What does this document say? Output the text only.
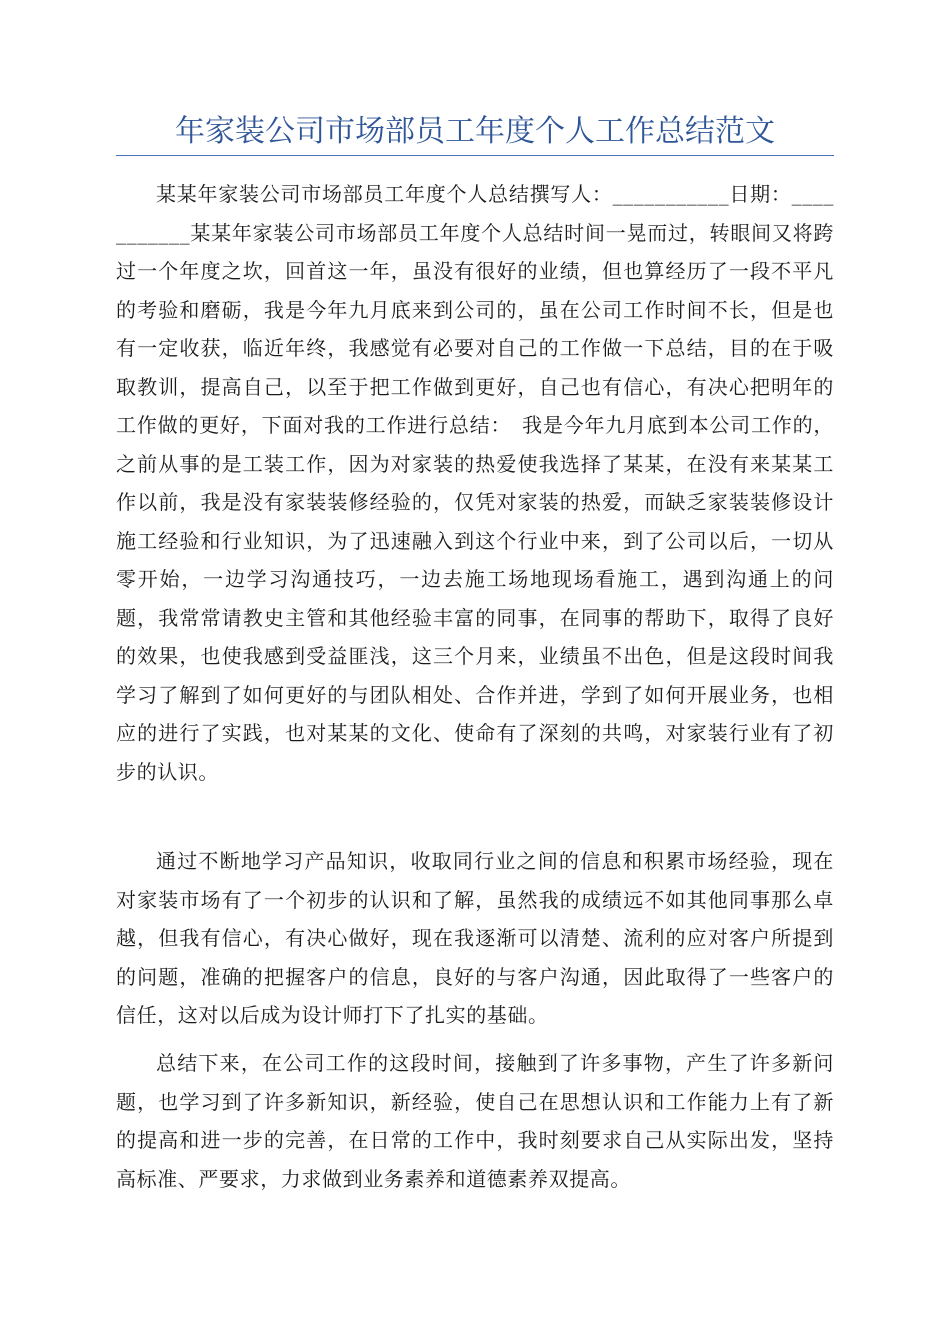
年家装公司市场部员工年度个人工作总结范文

某某年家装公司市场部员工年度个人总结撰写人：___________日期：___________某某年家装公司市场部员工年度个人总结时间一晃而过，转眼间又将跨过一个年度之坎，回首这一年，虽没有很好的业绩，但也算经历了一段不平凡的考验和磨砺，我是今年九月底来到公司的，虽在公司工作时间不长，但是也有一定收获，临近年终，我感觉有必要对自己的工作做一下总结，目的在于吸取教训，提高自己，以至于把工作做到更好，自己也有信心，有决心把明年的工作做的更好，下面对我的工作进行总结：　我是今年九月底到本公司工作的，之前从事的是工装工作，因为对家装的热爱使我选择了某某，在没有来某某工作以前，我是没有家装装修经验的，仅凭对家装的热爱，而缺乏家装装修设计施工经验和行业知识，为了迅速融入到这个行业中来，到了公司以后，一切从零开始，一边学习沟通技巧，一边去施工场地现场看施工，遇到沟通上的问题，我常常请教史主管和其他经验丰富的同事，在同事的帮助下，取得了良好的效果，也使我感到受益匪浅，这三个月来，业绩虽不出色，但是这段时间我学习了解到了如何更好的与团队相处、合作并进，学到了如何开展业务，也相应的进行了实践，也对某某的文化、使命有了深刻的共鸣，对家装行业有了初步的认识。

通过不断地学习产品知识，收取同行业之间的信息和积累市场经验，现在对家装市场有了一个初步的认识和了解，虽然我的成绩远不如其他同事那么卓越，但我有信心，有决心做好，现在我逐渐可以清楚、流利的应对客户所提到的问题，准确的把握客户的信息，良好的与客户沟通，因此取得了一些客户的信任，这对以后成为设计师打下了扎实的基础。

总结下来，在公司工作的这段时间，接触到了许多事物，产生了许多新问题，也学习到了许多新知识，新经验，使自己在思想认识和工作能力上有了新的提高和进一步的完善，在日常的工作中，我时刻要求自己从实际出发，坚持高标准、严要求，力求做到业务素养和道德素养双提高。
